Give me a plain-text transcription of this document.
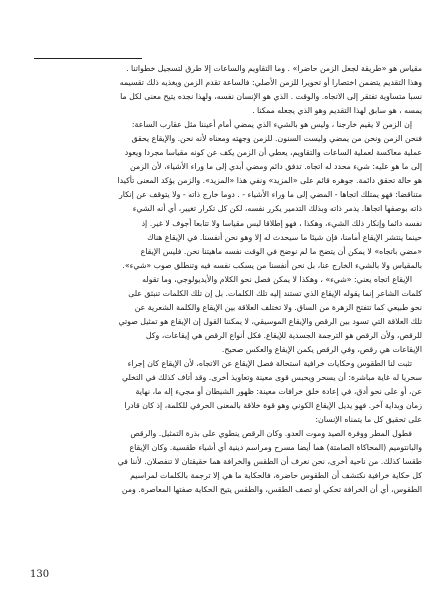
مقياس هو «طريقة لجعل الزمن حاضرا» . وما التقاويم والساعات إلا طرق لتسجيل خطواتنا .
وهذا التقديم يتضمن اختصارا أو تحويرا للزمن الأصلي: فالساعة تقدم الزمن ويغذيه ذلك تقسيمه
نسبا متساوية تفتقر إلى الاتجاه. والوقت . الذي هو الإنسان نفسه، ولهذا نجده يتيح معنى لكل ما
يمسه ، هو سابق لهذا التقديم وهو الذي يجعله ممكنا .
إن الزمن لا يقيم خارجنا ، وليس هو بالشيء الذي يمضي أمام أعيننا مثل عقارب الساعة:
فنحن الزمن ونحن من يمضي وليست السنون. للزمن وجهته ومعناه لأنه نحن. والإيقاع يحقق
عملية معاكسة لعملية الساعات والتقاويم، يعطي أن الزمن يكف عن كونه مقياسا مجردا ويعود
إلى ما هو عليه: شيء محدد له اتجاه. تدفق دائم ومضي أبدي إلى ما وراء الأشياء، لأن الزمن
هو حالة تحقق دائمة. جوهره قائم على «المزيد» ونفي هذا «المزيد». والزمن يؤكد المعنى تأكيدا
متناقضا: فهو يمتلك اتجاها - المضي إلى ما وراء الأشياء - . دوما خارج ذاته - ولا يتوقف عن إنكار
ذاته بوصفها اتجاها. يدمر ذاته وبذلك التدمير يكرر نفسه، لكن كل تكرار تغيير، أي أنه الشيء
نفسه دائما وإنكار ذلك الشيء، وهكذا ، فهو إطلاقا ليس مقياسا ولا تتابعا أجوف لا غير. إذ
حينما ينتشر الإيقاع أمامنا، فإن شيئا ما سيحدث له إلا وهو نحن أنفسنا. في الإيقاع هناك
«مضي باتجاه» لا يمكن أن يتضح ما لم نوضح في الوقت نفسه ماهيتنا نحن. فليس الإيقاع
بالمقياس ولا بالشيء الخارج عنا، بل نحن أنفسنا من يسكب نفسه فيه وتنطلق صوب «شيء».
الإيقاع اتجاه يعني: «شيء» ، وهكذا لا يمكن فصل نحو الكلام والأيديولوجي، وما تقوله
كلمات الشاعر إنما يقوله الإيقاع الذي تستند إليه تلك الكلمات. بل إن تلك الكلمات تنبثق على
نحو طبيعي كما تتفتح الزهرة من الساق. ولا تختلف العلاقة بين الإيقاع والكلمة الشعرية عن
تلك العلاقة التي تسود بين الرقص والإيقاع الموسيقي، لا يمكننا القول إن الإيقاع هو تمثيل صوتي
للرقص، ولأن الرقص هو الترجمة الجسدية للإيقاع. فكل أنواع الرقص هي إيقاعات، وكل
الإيقاعات هي رقص، وفي الرقص يكمن الإيقاع والعكس صحيح.
تثبت لنا الطقوس وحكايات خرافية استحالة فصل الإيقاع عن الاتجاه، لأن الإيقاع كان إجراء
سحريا له غاية مباشرة: أن يسحر ويحبس قوى معينة وتعاويذ أخرى. وقد أتاف كذلك في التخلي
عن، أو على نحو أدق، في إعادة خلق خرافات معينة: ظهور الشيطان أو مجيء إله ما، نهاية
زمان وبداية آخر. فهو يديل الإيقاع الكوني وهو قوة خلاقة بالمعنى الحرفي للكلمة، إذ كان قادرا
على تحقيق كل ما يتمناه الإنسان:
فطول المطر ووفرة الصيد وموت العدو. وكان الرقص ينطوي على بذرة التمثيل. والرقص
والبانتوميم (المحاكاة الصامتة) هما أيضا مسرح ومراسم دينية أي أشياء طقسية. وكان الإيقاع
طقسا كذلك. من ناحية أخرى، نحن نعرف أن الطقس والخرافة هما حقيقتان لا تنفصلان. لأننا في
كل حكاية خرافية نكتشف أن الطقوس حاضرة، فالحكاية ما هي إلا ترجمة بالكلمات لمراسيم
الطقوس، أي أن الخرافة تحكي أو تصف الطقس، والطقس يتيح الحكاية صفتها المعاصرة. ومن
130
